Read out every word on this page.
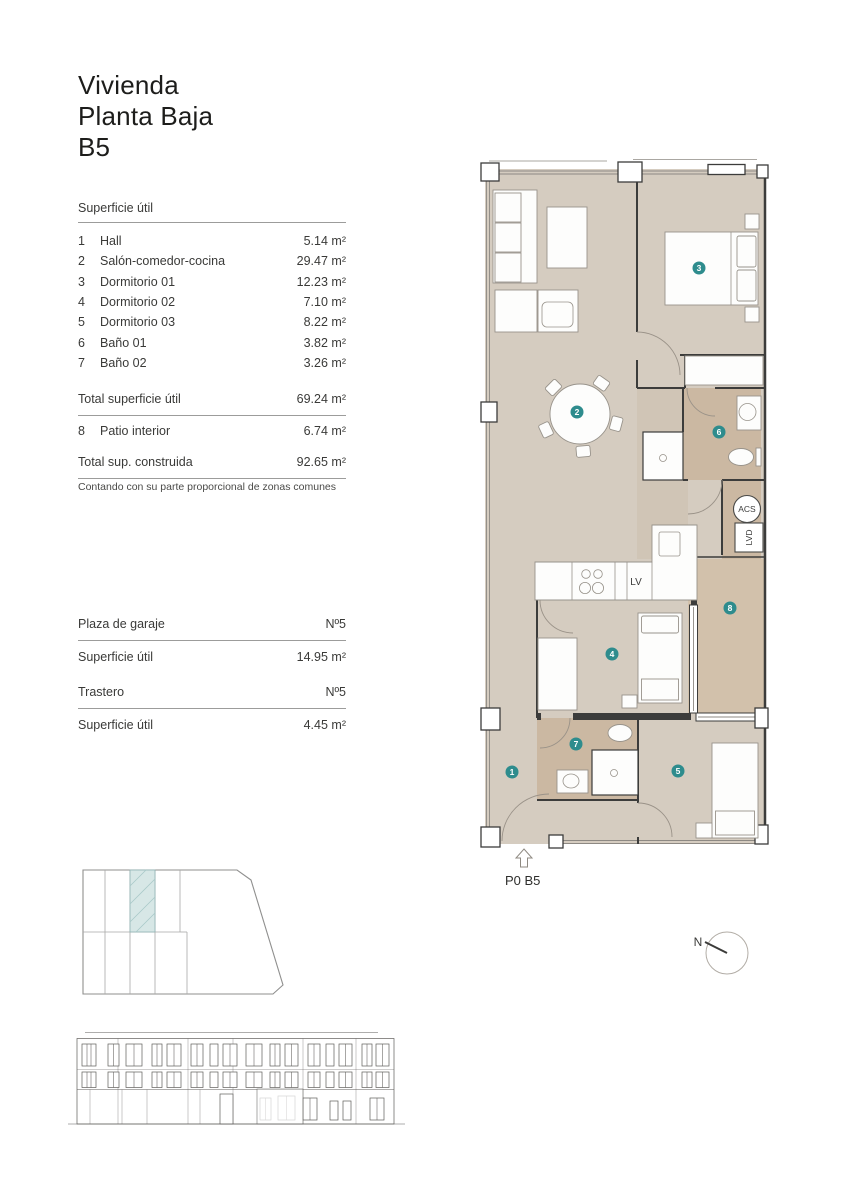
Vivienda
Planta Baja
B5
Superficie útil
1	Hall	5.14 m²
2	Salón-comedor-cocina	29.47 m²
3	Dormitorio 01	12.23 m²
4	Dormitorio 02	7.10 m²
5	Dormitorio 03	8.22 m²
6	Baño 01	3.82 m²
7	Baño 02	3.26 m²
Total superficie útil	69.24 m²
8	Patio interior	6.74 m²
Total sup. construida	92.65 m²
Contando con su parte proporcional de zonas comunes
Plaza de garaje	Nº5
Superficie útil	14.95 m²
Trastero	Nº5
Superficie útil	4.45 m²
LV
ACS
LVD
1
2
3
4
5
6
7
8
P0 B5
N
